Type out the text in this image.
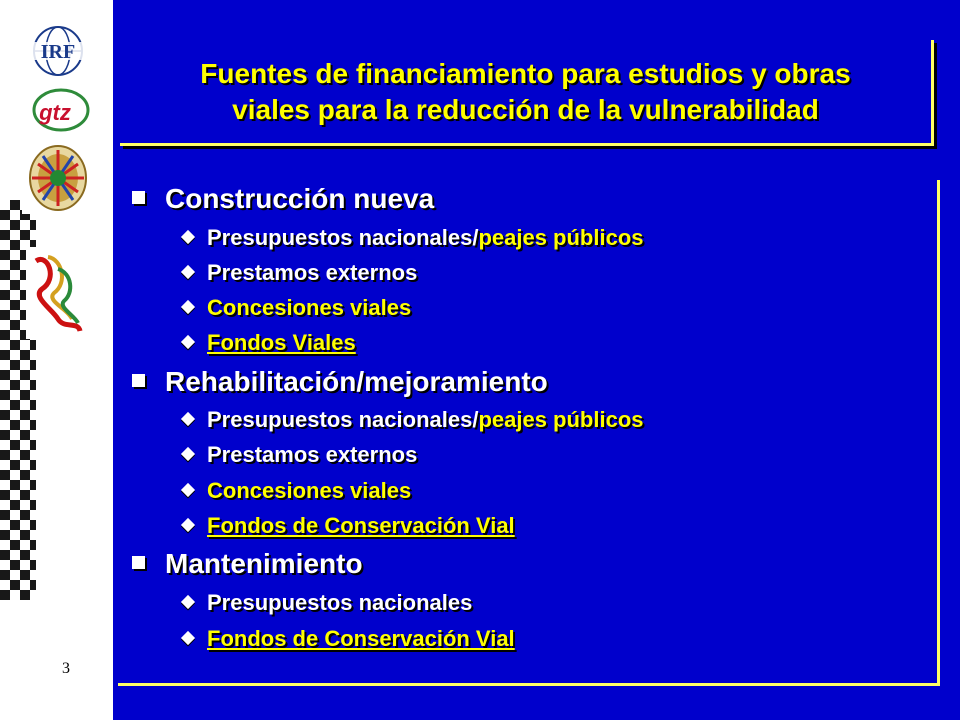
IRF
gtz
3
Fuentes de financiamiento para estudios y obras
viales para la reducción de la vulnerabilidad
Construcción nueva
Presupuestos nacionales/peajes públicos
Prestamos externos
Concesiones viales
Fondos Viales
Rehabilitación/mejoramiento
Presupuestos nacionales/peajes públicos
Prestamos externos
Concesiones viales
Fondos de Conservación Vial
Mantenimiento
Presupuestos nacionales
Fondos de Conservación Vial
